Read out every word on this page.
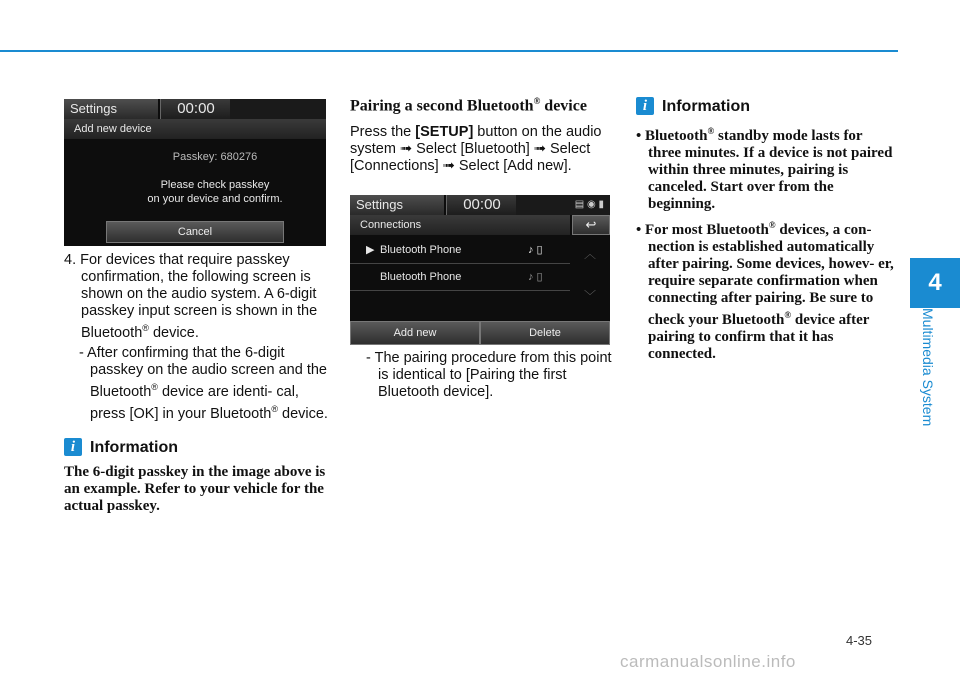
4
Multimedia System
Settings	00:00
Add new device
Passkey: 680276
Please check passkey
on your device and confirm.
Cancel

4. For devices that require passkey confirmation, the following screen is shown on the audio system. A 6-digit passkey input screen is shown in the Bluetooth® device.

- After confirming that the 6-digit passkey on the audio screen and the Bluetooth® device are identi- cal, press [OK] in your Bluetooth® device.

i Information

The 6-digit passkey in the image above is an example. Refer to your vehicle for the actual passkey.

Pairing a second Bluetooth® device

Press the [SETUP] button on the audio system ➟ Select [Bluetooth] ➟ Select [Connections] ➟ Select [Add new].

Settings	00:00	▤ ◉ ▮
Connections	↩
▶ Bluetooth Phone	♪ ▯
Bluetooth Phone	♪ ▯
︿
﹀
Add new	Delete
- The pairing procedure from this point is identical to [Pairing the first Bluetooth device].
i Information

• Bluetooth® standby mode lasts for three minutes. If a device is not paired within three minutes, pairing is canceled. Start over from the beginning.

• For most Bluetooth® devices, a con- nection is established automatically after pairing. Some devices, howev- er, require separate confirmation when connecting after pairing. Be sure to check your Bluetooth® device after pairing to confirm that it has connected.

4-35
carmanualsonline.info
